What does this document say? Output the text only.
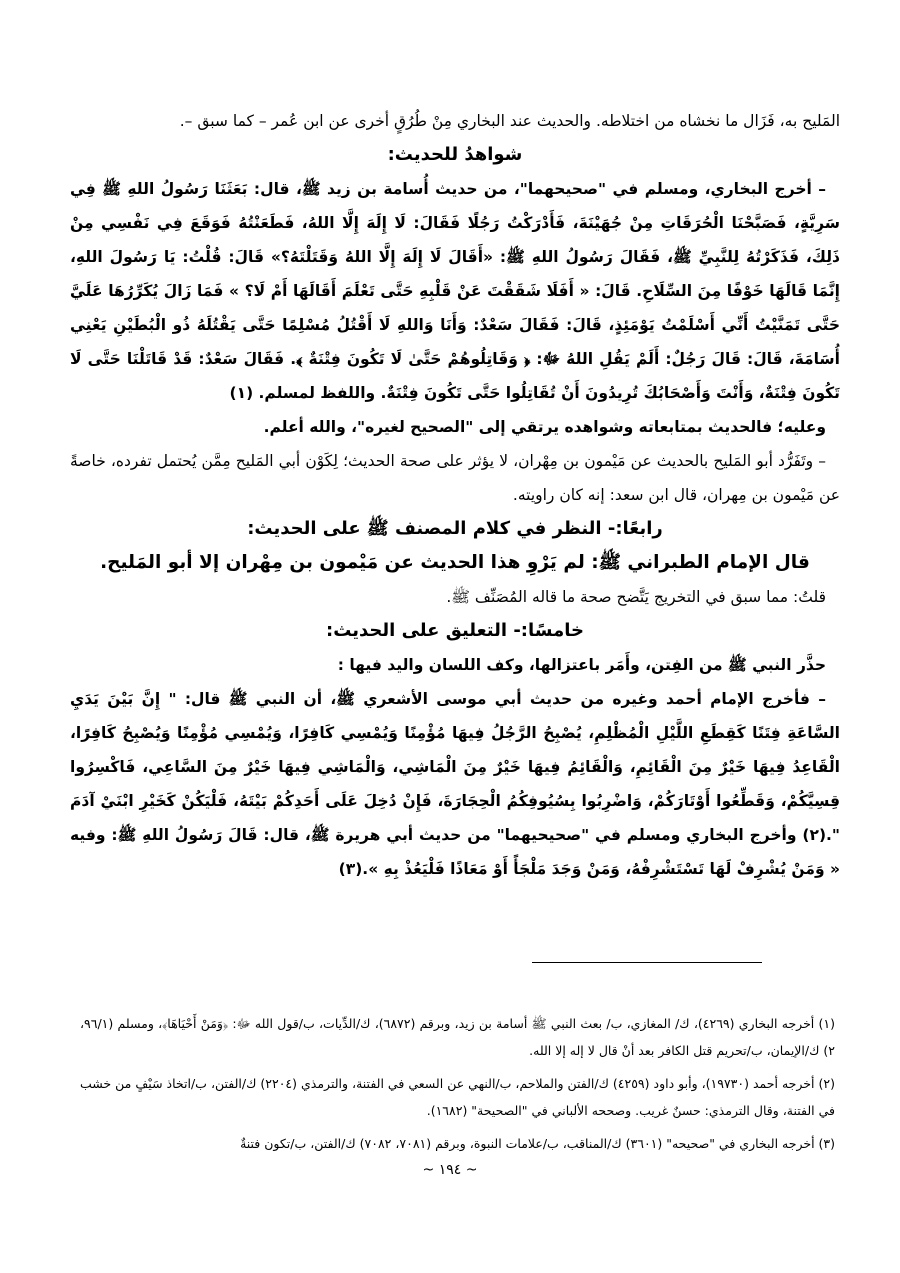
المَليح به، فَزَال ما نخشاه من اختلاطه. والحديث عند البخاري مِنْ طُرُقٍ أخرى عن ابن عُمر – كما سبق –.

شواهدُ للحديث:

– أخرج البخاري، ومسلم في "صحيحهما"، من حديث أُسامة بن زيد ﷺ، قال: بَعَثَنَا رَسُولُ اللهِ ﷺ فِي سَرِيَّةٍ، فَصَبَّحْنَا الْحُرَقَاتِ مِنْ جُهَيْنَةَ، فَأَدْرَكْتُ رَجُلًا فَقَالَ: لَا إِلَهَ إِلَّا اللهُ، فَطَعَنْتُهُ فَوَقَعَ فِي نَفْسِي مِنْ ذَلِكَ، فَذَكَرْتُهُ لِلنَّبِيِّ ﷺ، فَقَالَ رَسُولُ اللهِ ﷺ: «أَقَالَ لَا إِلَهَ إِلَّا اللهُ وَقَتَلْتَهُ؟» قَالَ: قُلْتُ: يَا رَسُولَ اللهِ، إِنَّمَا قَالَهَا خَوْفًا مِنَ السِّلَاحِ. قَالَ: « أَفَلَا شَقَقْتَ عَنْ قَلْبِهِ حَتَّى تَعْلَمَ أَقَالَهَا أَمْ لَا؟ » فَمَا زَالَ يُكَرِّرُهَا عَلَيَّ حَتَّى تَمَنَّيْتُ أَنِّي أَسْلَمْتُ يَوْمَئِذٍ، قَالَ: فَقَالَ سَعْدٌ: وَأَنَا وَاللهِ لَا أَقْتُلُ مُسْلِمًا حَتَّى يَقْتُلَهُ ذُو الْبُطَيْنِ يَعْنِي أُسَامَةَ، قَالَ: قَالَ رَجُلٌ: أَلَمْ يَقُلِ اللهُ ﷻ: ﴿ وَقَاتِلُوهُمْ حَتَّىٰ لَا تَكُونَ فِتْنَةٌ ﴾. فَقَالَ سَعْدٌ: قَدْ قَاتَلْنَا حَتَّى لَا تَكُونَ فِتْنَةٌ، وَأَنْتَ وَأَصْحَابُكَ تُرِيدُونَ أَنْ تُقَاتِلُوا حَتَّى تَكُونَ فِتْنَةٌ. واللفظ لمسلم. (١)

وعليه؛ فالحديث بمتابعاته وشواهده يرتقي إلى "الصحيح لغيره"، والله أعلم.

– وتَفَرُّد أبو المَليح بالحديث عن مَيْمون بن مِهْران، لا يؤثر على صحة الحديث؛ لِكَوْن أبي المَليح مِمَّن يُحتمل تفرده، خاصةً عن مَيْمون بن مِهران، قال ابن سعد: إنه كان راويته.

رابعًا:- النظر في كلام المصنف ﷺ على الحديث:

قال الإمام الطبراني ﷺ: لم يَرْوِ هذا الحديث عن مَيْمون بن مِهْران إلا أبو المَليح.

قلتُ: مما سبق في التخريج يَتَّضح صحة ما قاله المُصَنِّف ﷺ.

خامسًا:- التعليق على الحديث:

حذَّر النبي ﷺ من الفِتن، وأَمَر باعتزالها، وكف اللسان واليد فيها :

– فأخرج الإمام أحمد وغيره من حديث أبي موسى الأشعري ﷺ، أن النبي ﷺ قال: " إِنَّ بَيْنَ يَدَيِ السَّاعَةِ فِتَنًا كَقِطَعِ اللَّيْلِ الْمُظْلِمِ، يُصْبِحُ الرَّجُلُ فِيهَا مُؤْمِنًا وَيُمْسِي كَافِرًا، وَيُمْسِي مُؤْمِنًا وَيُصْبِحُ كَافِرًا، الْقَاعِدُ فِيهَا خَيْرٌ مِنَ الْقَائِمِ، وَالْقَائِمُ فِيهَا خَيْرٌ مِنَ الْمَاشِي، وَالْمَاشِي فِيهَا خَيْرٌ مِنَ السَّاعِي، فَاكْسِرُوا قِسِيَّكُمْ، وَقَطِّعُوا أَوْتَارَكُمْ، وَاضْرِبُوا بِسُيُوفِكُمُ الْحِجَارَةَ، فَإِنْ دُخِلَ عَلَى أَحَدِكُمْ بَيْتَهُ، فَلْيَكُنْ كَخَيْرِ ابْنَيْ آدَمَ ".(٢) وأخرج البخاري ومسلم في "صحيحيهما" من حديث أبي هريرة ﷺ، قال: قَالَ رَسُولُ اللهِ ﷺ: وفيه « وَمَنْ يُشْرِفْ لَهَا تَسْتَشْرِفْهُ، وَمَنْ وَجَدَ مَلْجَأً أَوْ مَعَاذًا فَلْيَعُذْ بِهِ ».(٣)

(١) أخرجه البخاري (٤٢٦٩)، ك/ المغازي، ب/ بعث النبي ﷺ أسامة بن زيد، وبرقم (٦٨٧٢)، ك/الدِّيات، ب/قول الله ﷻ: ﴿وَمَنْ أَحْيَاهَا﴾، ومسلم (٩٦/١، ٢) ك/الإيمان، ب/تحريم قتل الكافر بعد أنْ قال لا إله إلا الله.

(٢) أخرجه أحمد (١٩٧٣٠)، وأبو داود (٤٢٥٩) ك/الفتن والملاحم، ب/النهي عن السعي في الفتنة، والترمذي (٢٢٠٤) ك/الفتن، ب/اتخاذ سَيْفٍ من خشب في الفتنة، وقال الترمذي: حسنٌ غريب. وصححه الألباني في "الصحيحة" (١٦٨٢).

(٣) أخرجه البخاري في "صحيحه" (٣٦٠١) ك/المناقب، ب/علامات النبوة، وبرقم (٧٠٨١، ٧٠٨٢) ك/الفتن، ب/تكون فتنةٌ

~ ١٩٤ ~
